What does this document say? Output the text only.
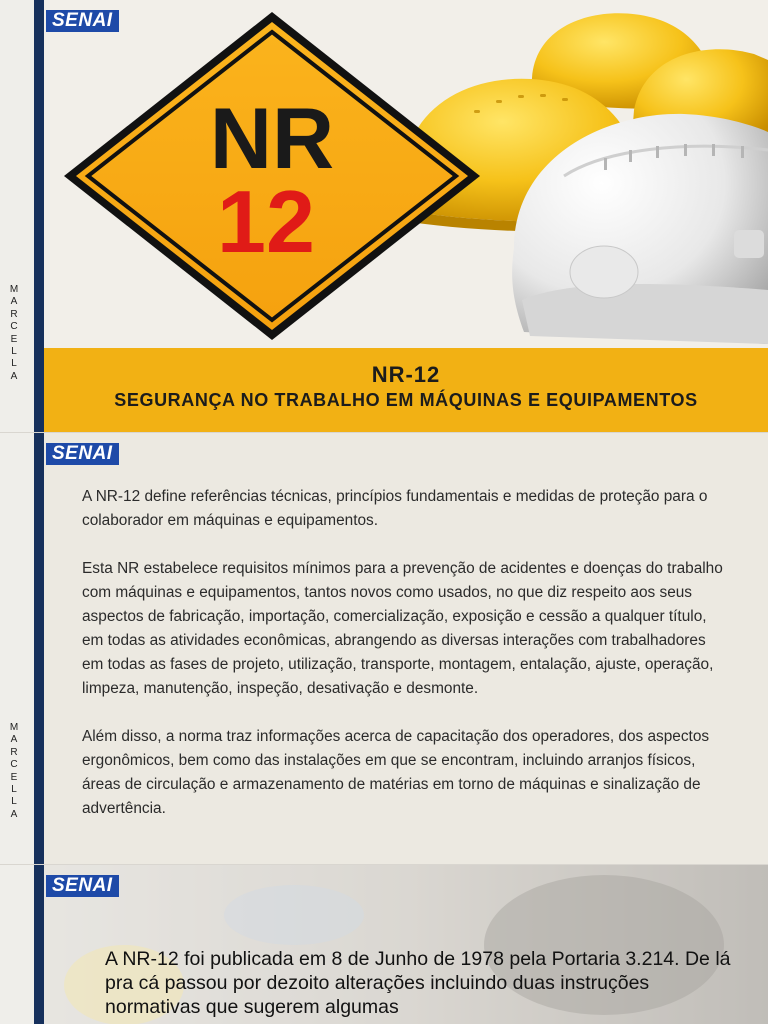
M
A
R
C
E
L
L
A
NR
12
SENAI
NR-12
SEGURANÇA NO TRABALHO EM MÁQUINAS E EQUIPAMENTOS
M
A
R
C
E
L
L
A
SENAI

A NR-12 define referências técnicas, princípios fundamentais e medidas de proteção para o colaborador em máquinas e equipamentos.

Esta NR estabelece requisitos mínimos para a prevenção de acidentes e doenças do trabalho com máquinas e equipamentos, tantos novos como usados, no que diz respeito aos seus aspectos de fabricação, importação, comercialização, exposição e cessão a qualquer título, em todas as atividades econômicas, abrangendo as diversas interações com trabalhadores em todas as fases de projeto, utilização, transporte, montagem, entalação, ajuste, operação, limpeza, manutenção, inspeção, desativação e desmonte.

Além disso, a norma traz informações acerca de capacitação dos operadores, dos aspectos ergonômicos, bem como das instalações em que se encontram, incluindo arranjos físicos, áreas de circulação e armazenamento de matérias em torno de máquinas e sinalização de advertência.

SENAI
A NR-12 foi publicada em 8 de Junho de 1978 pela Portaria 3.214. De lá pra cá passou por dezoito alterações incluindo duas instruções normativas que sugerem algumas
